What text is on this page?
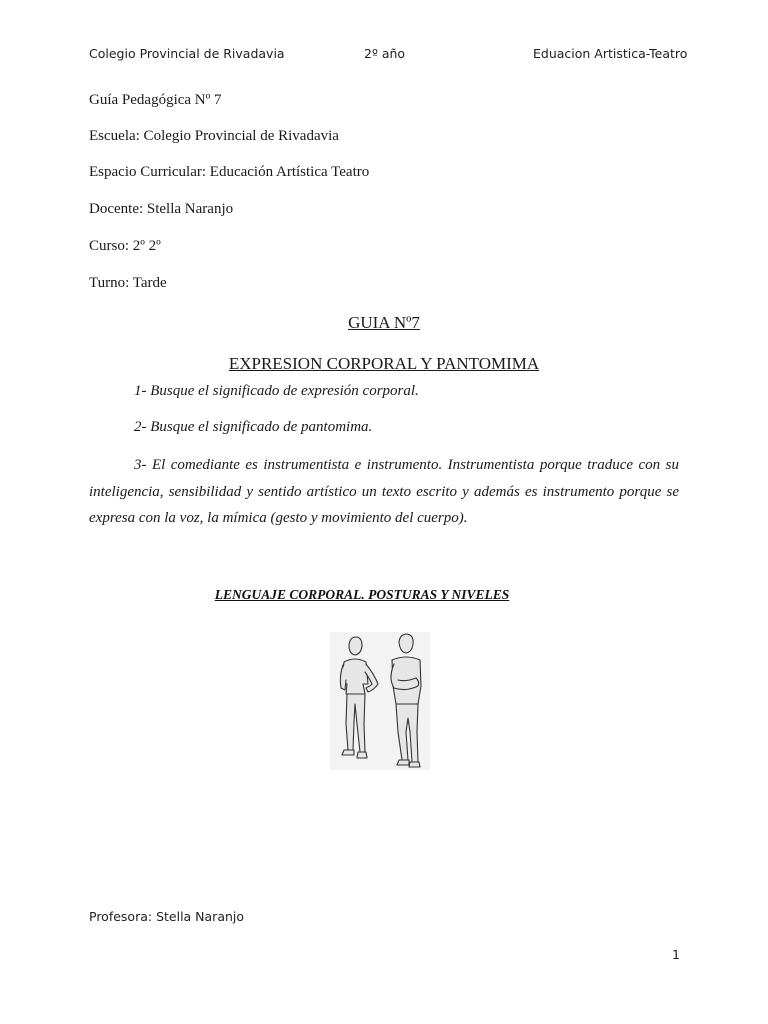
Colegio Provincial de Rivadavia	2º año	Eduacion Artistica-Teatro
Guía Pedagógica Nº 7
Escuela: Colegio Provincial de Rivadavia
Espacio Curricular: Educación Artística Teatro
Docente: Stella Naranjo
Curso: 2º 2º
Turno: Tarde
GUIA Nº7
EXPRESION CORPORAL Y PANTOMIMA
1- Busque el significado de expresión corporal.
2- Busque el significado de pantomima.
3- El comediante es instrumentista e instrumento. Instrumentista porque traduce con su inteligencia, sensibilidad y sentido artístico un texto escrito y además es instrumento porque se expresa con la voz, la mímica (gesto y movimiento del cuerpo).
LENGUAJE CORPORAL. POSTURAS Y NIVELES
Profesora: Stella Naranjo
1
